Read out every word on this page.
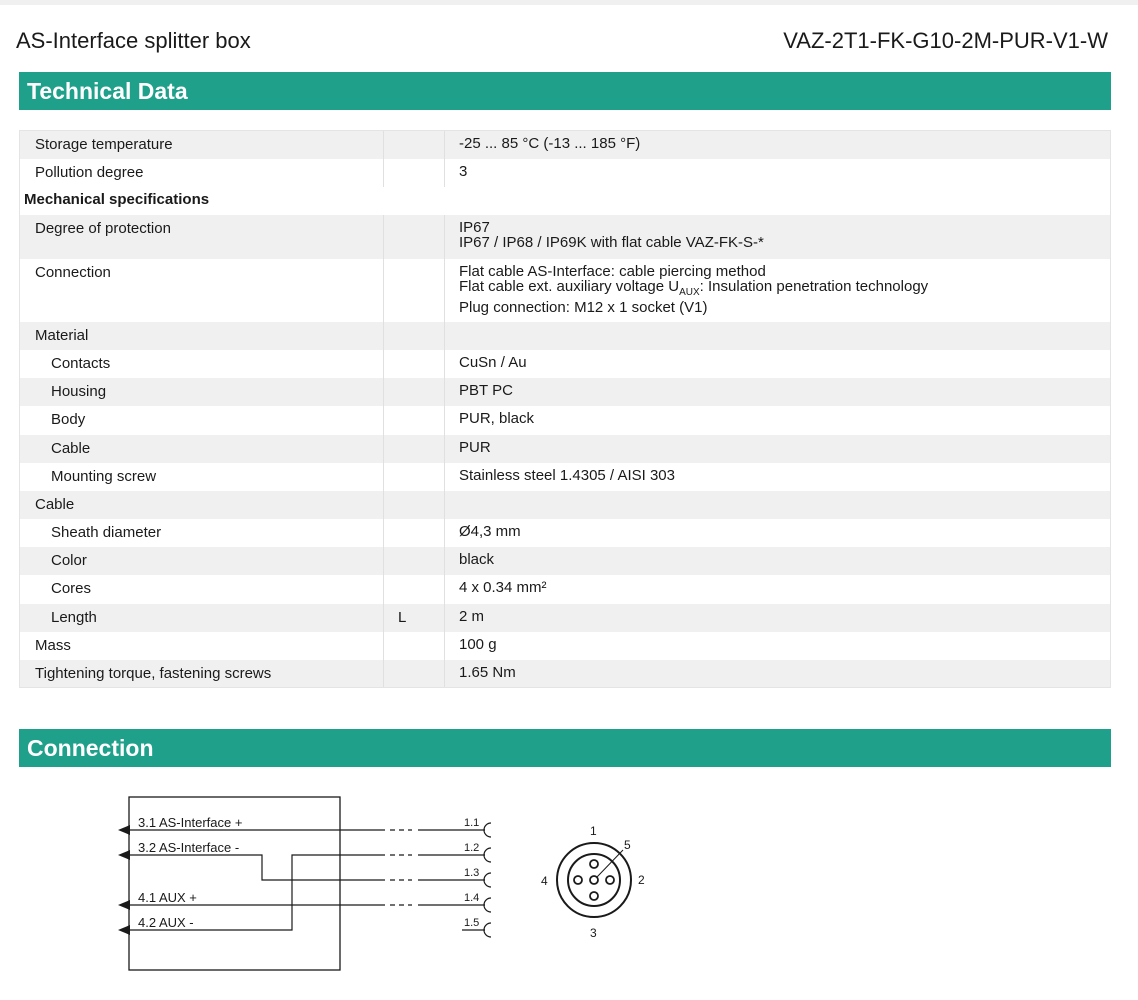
AS-Interface splitter box	VAZ-2T1-FK-G10-2M-PUR-V1-W
Technical Data
Storage temperature		-25 ... 85 °C (-13 ... 185 °F)
Pollution degree		3
Mechanical specifications		
Degree of protection		IP67
IP67 / IP68 / IP69K with flat cable VAZ-FK-S-*

Connection		Flat cable AS-Interface: cable piercing method
Flat cable ext. auxiliary voltage $U_{AUX}$: Insulation penetration technology
Plug connection: M12 x 1 socket (V1)

Material		
Contacts		CuSn / Au
Housing		PBT PC
Body		PUR, black
Cable		PUR
Mounting screw		Stainless steel 1.4305 / AISI 303
Cable		
Sheath diameter		Ø4,3 mm
Color		black
Cores		4 x 0.34 mm²
Length	L	2 m
Mass		100 g
Tightening torque, fastening screws		1.65 Nm
Connection
3.1 AS-Interface +
3.2 AS-Interface -
4.1 AUX +
4.2 AUX -
1.1
1.2
1.3
1.4
1.5
1
2
3
4
5
